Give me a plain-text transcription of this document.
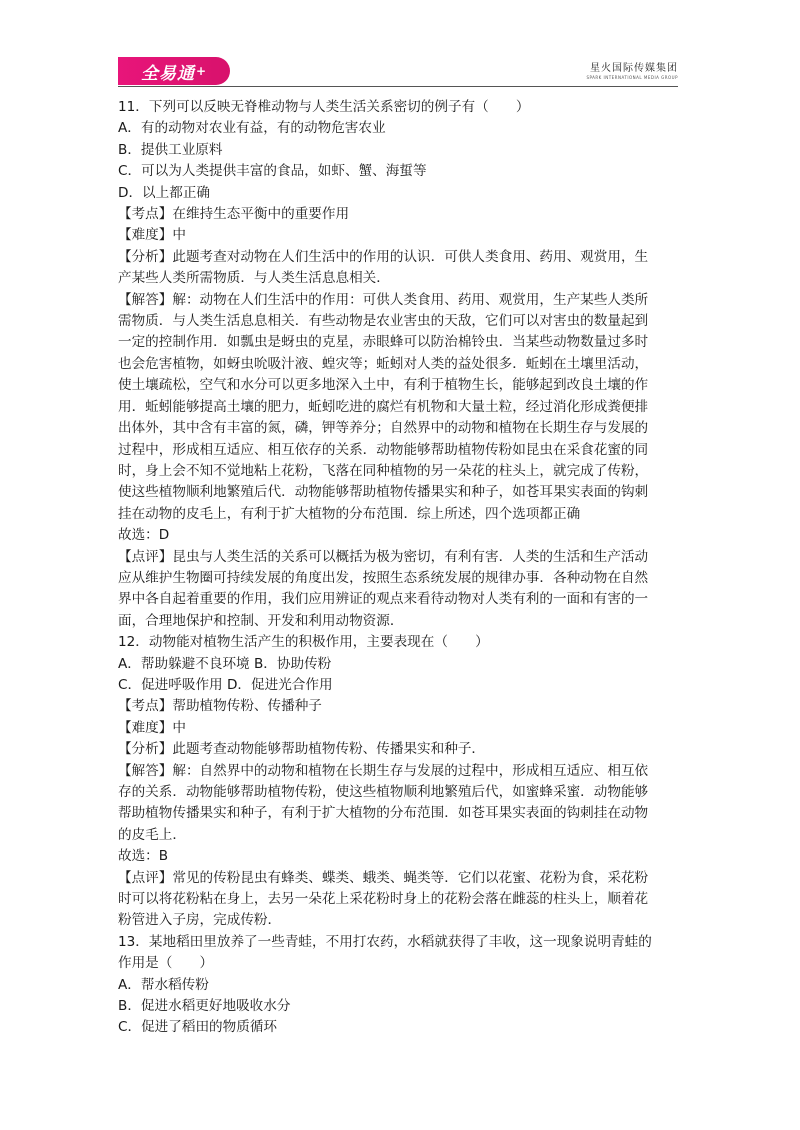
全易通 +	星火国际传媒集团
SPARK INTERNATIONAL MEDIA GROUP
11．下列可以反映无脊椎动物与人类生活关系密切的例子有（　　）
A．有的动物对农业有益，有的动物危害农业
B．提供工业原料
C．可以为人类提供丰富的食品，如虾、蟹、海蜇等
D．以上都正确
【考点】在维持生态平衡中的重要作用
【难度】中
【分析】此题考查对动物在人们生活中的作用的认识．可供人类食用、药用、观赏用，生
产某些人类所需物质．与人类生活息息相关．
【解答】解：动物在人们生活中的作用：可供人类食用、药用、观赏用，生产某些人类所
需物质．与人类生活息息相关．有些动物是农业害虫的天敌，它们可以对害虫的数量起到
一定的控制作用．如瓢虫是蚜虫的克星，赤眼蜂可以防治棉铃虫．当某些动物数量过多时
也会危害植物，如蚜虫吮吸汁液、蝗灾等；蚯蚓对人类的益处很多．蚯蚓在土壤里活动，
使土壤疏松，空气和水分可以更多地深入土中，有利于植物生长，能够起到改良土壤的作
用．蚯蚓能够提高土壤的肥力，蚯蚓吃进的腐烂有机物和大量土粒，经过消化形成粪便排
出体外，其中含有丰富的氮，磷，钾等养分；自然界中的动物和植物在长期生存与发展的
过程中，形成相互适应、相互依存的关系．动物能够帮助植物传粉如昆虫在采食花蜜的同
时，身上会不知不觉地粘上花粉，飞落在同种植物的另一朵花的柱头上，就完成了传粉，
使这些植物顺利地繁殖后代．动物能够帮助植物传播果实和种子，如苍耳果实表面的钩刺
挂在动物的皮毛上，有利于扩大植物的分布范围．综上所述，四个选项都正确
故选：D
【点评】昆虫与人类生活的关系可以概括为极为密切，有利有害．人类的生活和生产活动
应从维护生物圈可持续发展的角度出发，按照生态系统发展的规律办事．各种动物在自然
界中各自起着重要的作用，我们应用辨证的观点来看待动物对人类有利的一面和有害的一
面，合理地保护和控制、开发和利用动物资源．
12．动物能对植物生活产生的积极作用，主要表现在（　　）
A．帮助躲避不良环境 B．协助传粉
C．促进呼吸作用 D．促进光合作用
【考点】帮助植物传粉、传播种子
【难度】中
【分析】此题考查动物能够帮助植物传粉、传播果实和种子．
【解答】解：自然界中的动物和植物在长期生存与发展的过程中，形成相互适应、相互依
存的关系．动物能够帮助植物传粉，使这些植物顺利地繁殖后代，如蜜蜂采蜜．动物能够
帮助植物传播果实和种子，有利于扩大植物的分布范围．如苍耳果实表面的钩刺挂在动物
的皮毛上．
故选：B
【点评】常见的传粉昆虫有蜂类、蝶类、蛾类、蝇类等．它们以花蜜、花粉为食，采花粉
时可以将花粉粘在身上，去另一朵花上采花粉时身上的花粉会落在雌蕊的柱头上，顺着花
粉管进入子房，完成传粉．
13．某地稻田里放养了一些青蛙，不用打农药，水稻就获得了丰收，这一现象说明青蛙的
作用是（　　）
A．帮水稻传粉
B．促进水稻更好地吸收水分
C．促进了稻田的物质循环
